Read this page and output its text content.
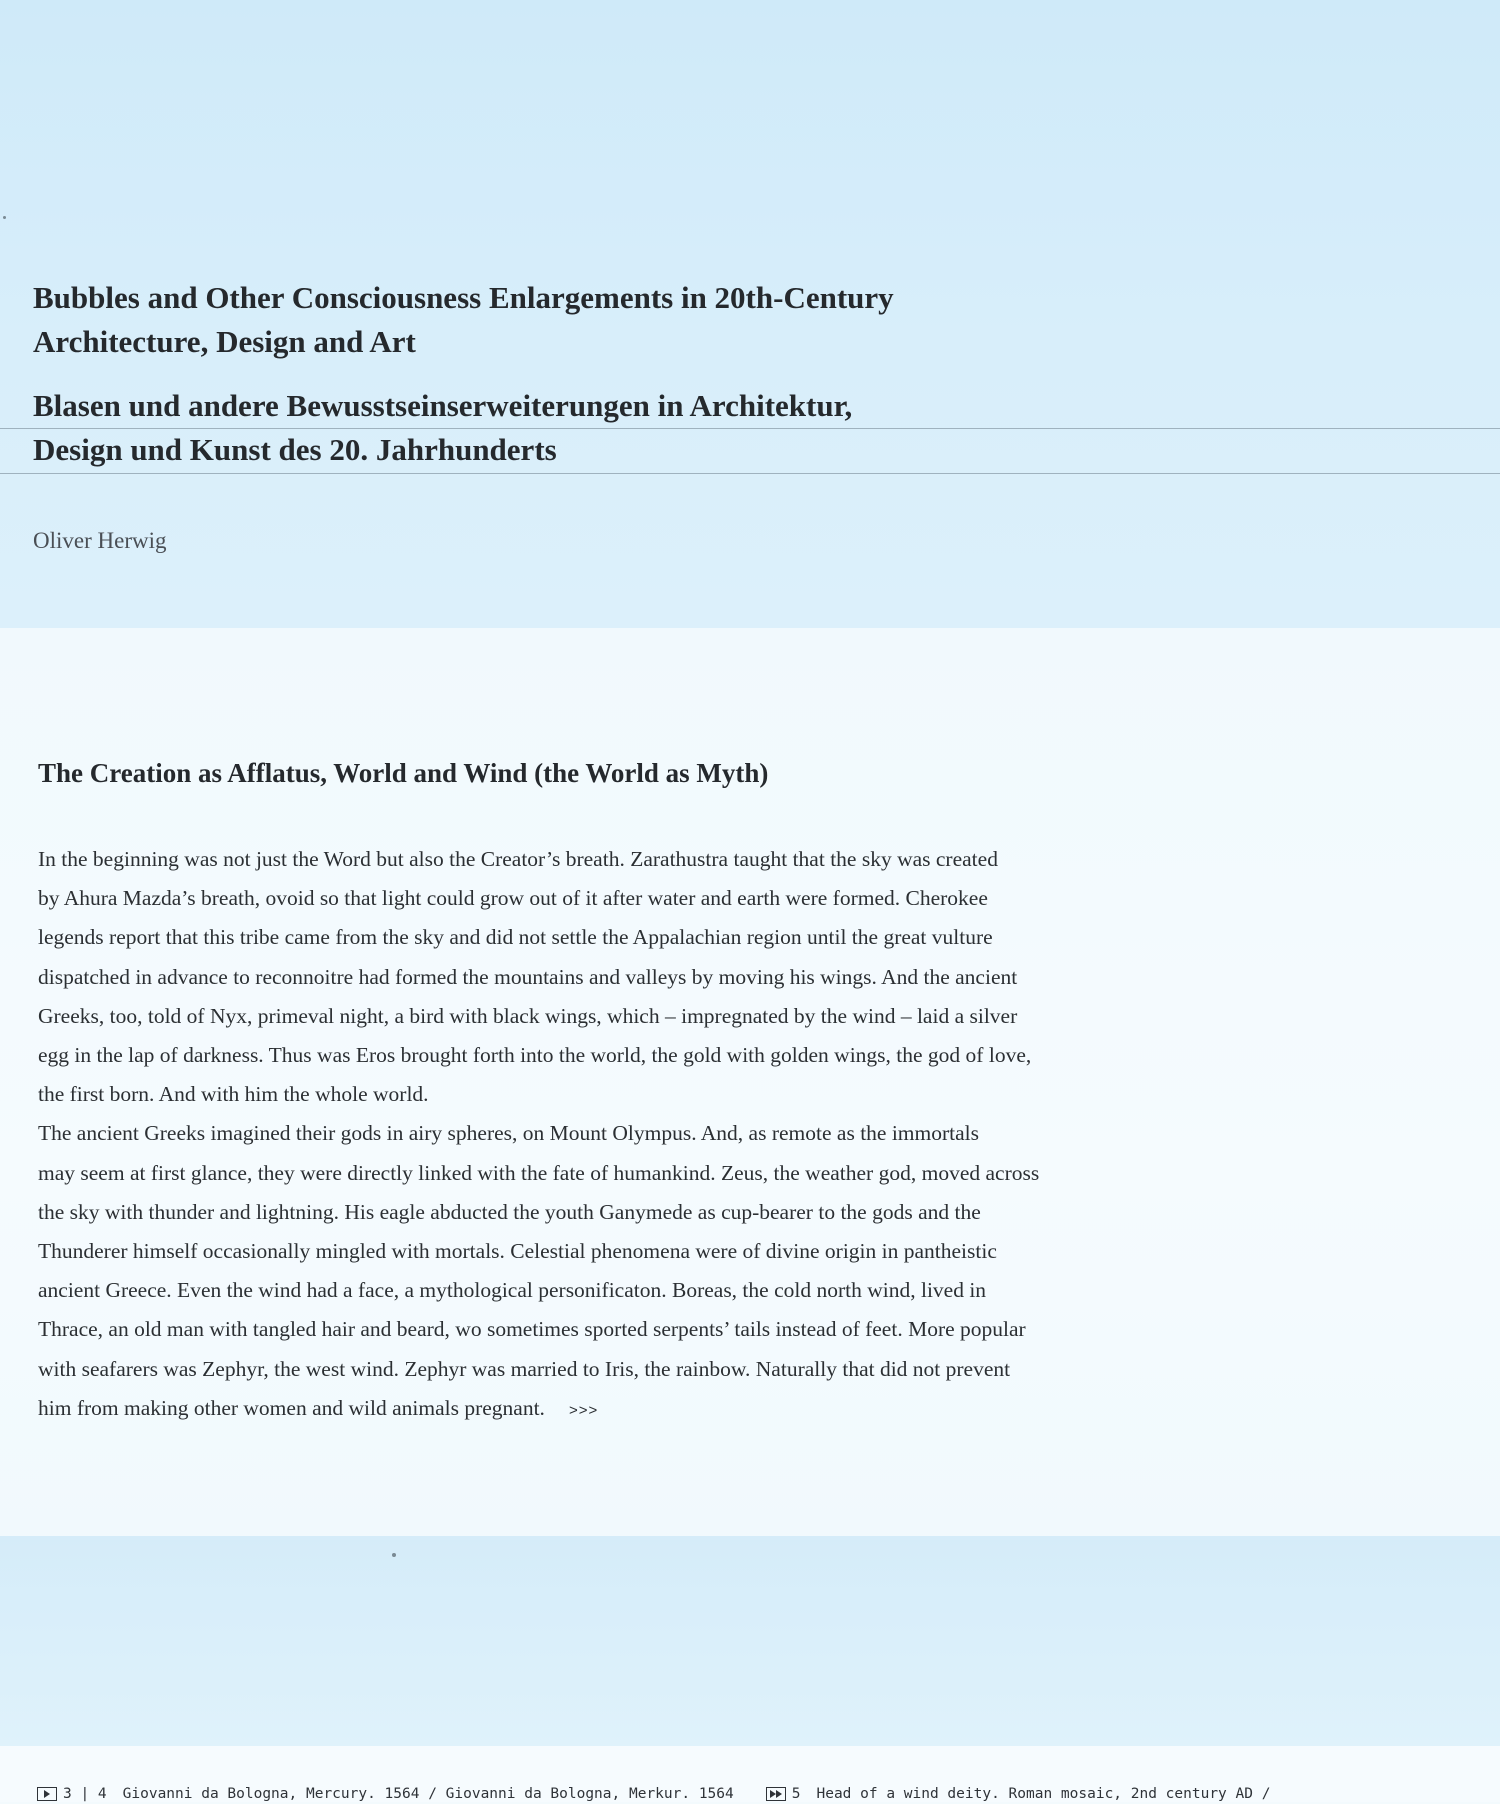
Bubbles and Other Consciousness Enlargements in 20th-Century
Architecture, Design and Art
Blasen und andere Bewusstseinserweiterungen in Architektur,
Design und Kunst des 20. Jahrhunderts
Oliver Herwig
The Creation as Afflatus, World and Wind (the World as Myth)
In the beginning was not just the Word but also the Creator’s breath. Zarathustra taught that the sky was created
by Ahura Mazda’s breath, ovoid so that light could grow out of it after water and earth were formed. Cherokee
legends report that this tribe came from the sky and did not settle the Appalachian region until the great vulture
dispatched in advance to reconnoitre had formed the mountains and valleys by moving his wings. And the ancient
Greeks, too, told of Nyx, primeval night, a bird with black wings, which – impregnated by the wind – laid a silver
egg in the lap of darkness. Thus was Eros brought forth into the world, the gold with golden wings, the god of love,
the first born. And with him the whole world.
The ancient Greeks imagined their gods in airy spheres, on Mount Olympus. And, as remote as the immortals
may seem at first glance, they were directly linked with the fate of humankind. Zeus, the weather god, moved across
the sky with thunder and lightning. His eagle abducted the youth Ganymede as cup-bearer to the gods and the
Thunderer himself occasionally mingled with mortals. Celestial phenomena were of divine origin in pantheistic
ancient Greece. Even the wind had a face, a mythological personificaton. Boreas, the cold north wind, lived in
Thrace, an old man with tangled hair and beard, wo sometimes sported serpents’ tails instead of feet. More popular
with seafarers was Zephyr, the west wind. Zephyr was married to Iris, the rainbow. Naturally that did not prevent
him from making other women and wild animals pregnant. >>>
3 | 4 Giovanni da Bologna, Mercury. 1564 / Giovanni da Bologna, Merkur. 1564	5 Head of a wind deity. Roman mosaic, 2nd century AD /
